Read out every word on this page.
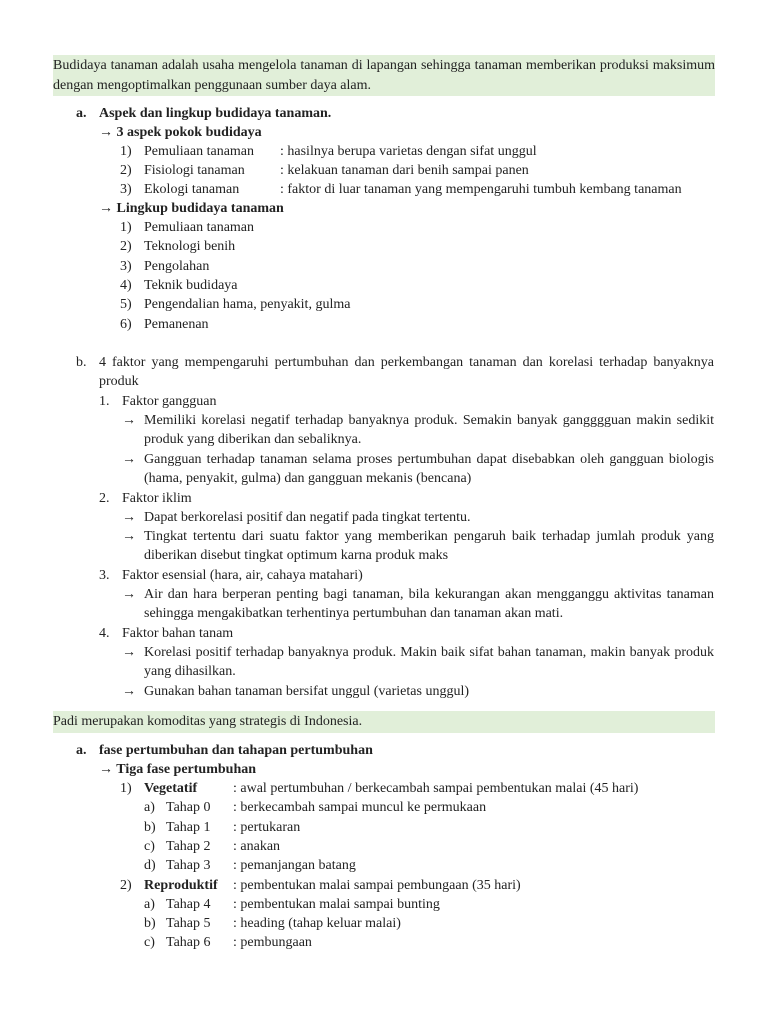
Budidaya tanaman adalah usaha mengelola tanaman di lapangan sehingga tanaman memberikan produksi maksimum dengan mengoptimalkan penggunaan sumber daya alam.
a. Aspek dan lingkup budidaya tanaman.
→ 3 aspek pokok budidaya
1) Pemuliaan tanaman : hasilnya berupa varietas dengan sifat unggul
2) Fisiologi tanaman	: kelakuan tanaman dari benih sampai panen
3) Ekologi tanaman	: faktor di luar tanaman yang mempengaruhi tumbuh kembang tanaman
→ Lingkup budidaya tanaman
1) Pemuliaan tanaman
2) Teknologi benih
3) Pengolahan
4) Teknik budidaya
5) Pengendalian hama, penyakit, gulma
6) Pemanenan
b. 4 faktor yang mempengaruhi pertumbuhan dan perkembangan tanaman dan korelasi terhadap banyaknya produk
1. Faktor gangguan
→ Memiliki korelasi negatif terhadap banyaknya produk. Semakin banyak gangggguan makin sedikit produk yang diberikan dan sebaliknya.
→ Gangguan terhadap tanaman selama proses pertumbuhan dapat disebabkan oleh gangguan biologis (hama, penyakit, gulma) dan gangguan mekanis (bencana)
2. Faktor iklim
→ Dapat berkorelasi positif dan negatif pada tingkat tertentu.
→ Tingkat tertentu dari suatu faktor yang memberikan pengaruh baik terhadap jumlah produk yang diberikan disebut tingkat optimum karna produk maks
3. Faktor esensial (hara, air, cahaya matahari)
→ Air dan hara berperan penting bagi tanaman, bila kekurangan akan mengganggu aktivitas tanaman sehingga mengakibatkan terhentinya pertumbuhan dan tanaman akan mati.
4. Faktor bahan tanam
→ Korelasi positif terhadap banyaknya produk. Makin baik sifat bahan tanaman, makin banyak produk yang dihasilkan.
→ Gunakan bahan tanaman bersifat unggul (varietas unggul)
Padi merupakan komoditas yang strategis di Indonesia.
a. fase pertumbuhan dan tahapan pertumbuhan
→ Tiga fase pertumbuhan
1) Vegetatif	: awal pertumbuhan / berkecambah sampai pembentukan malai (45 hari)
a) Tahap 0 : berkecambah sampai muncul ke permukaan
b) Tahap 1 : pertukaran
c) Tahap 2 : anakan
d) Tahap 3 : pemanjangan batang
2) Reproduktif : pembentukan malai sampai pembungaan (35 hari)
a) Tahap 4 : pembentukan malai sampai bunting
b) Tahap 5 : heading (tahap keluar malai)
c) Tahap 6 : pembungaan
